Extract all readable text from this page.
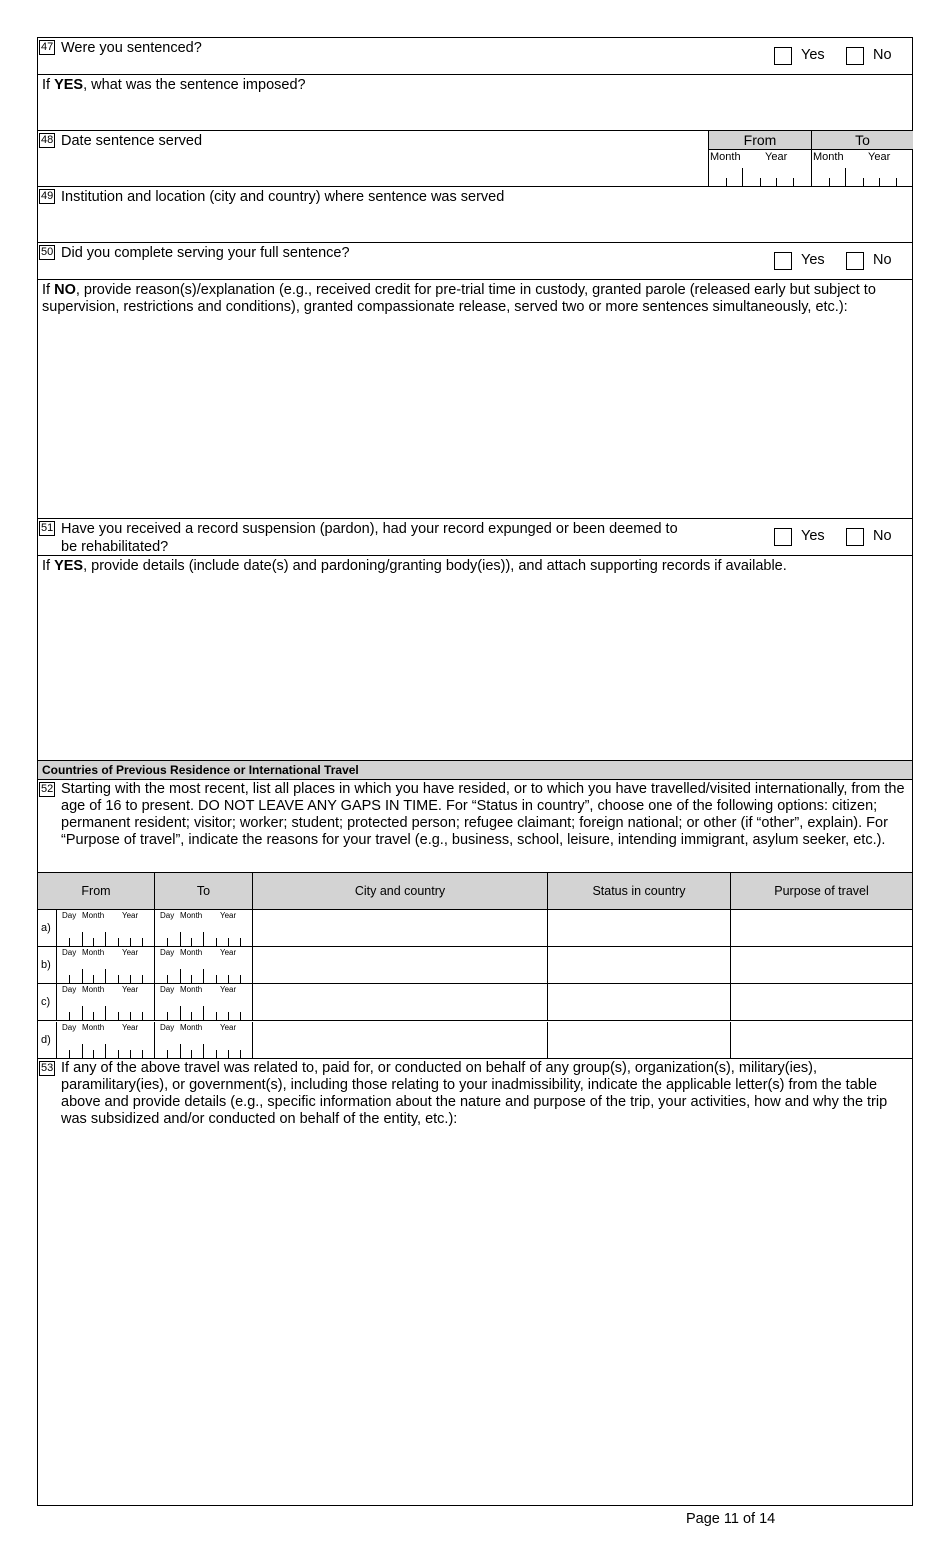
47 Were you sentenced?	Yes	No
If YES, what was the sentence imposed?
48 Date sentence served	From
Month Year
To
Month Year
49 Institution and location (city and country) where sentence was served
50 Did you complete serving your full sentence?	Yes	No
If NO, provide reason(s)/explanation (e.g., received credit for pre-trial time in custody, granted parole (released early but subject to supervision, restrictions and conditions), granted compassionate release, served two or more sentences simultaneously, etc.):
51 Have you received a record suspension (pardon), had your record expunged or been deemed to
be rehabilitated?
Yes	No
If YES, provide details (include date(s) and pardoning/granting body(ies)), and attach supporting records if available.
Countries of Previous Residence or International Travel
52 Starting with the most recent, list all places in which you have resided, or to which you have travelled/visited internationally, from the age of 16 to present. DO NOT LEAVE ANY GAPS IN TIME. For “Status in country”, choose one of the following options: citizen; permanent resident; visitor; worker; student; protected person; refugee claimant; foreign national; or other (if “other”, explain). For “Purpose of travel”, indicate the reasons for your travel (e.g., business, school, leisure, intending immigrant, asylum seeker, etc.).
From	To	City and country	Status in country	Purpose of travel
a)
Day Month Year	Day Month Year
b)
Day Month Year	Day Month Year
c)
Day Month Year	Day Month Year
d)
Day Month Year	Day Month Year
53 If any of the above travel was related to, paid for, or conducted on behalf of any group(s), organization(s), military(ies), paramilitary(ies), or government(s), including those relating to your inadmissibility, indicate the applicable letter(s) from the table above and provide details (e.g., specific information about the nature and purpose of the trip, your activities, how and why the trip was subsidized and/or conducted on behalf of the entity, etc.):
Page 11 of 14
